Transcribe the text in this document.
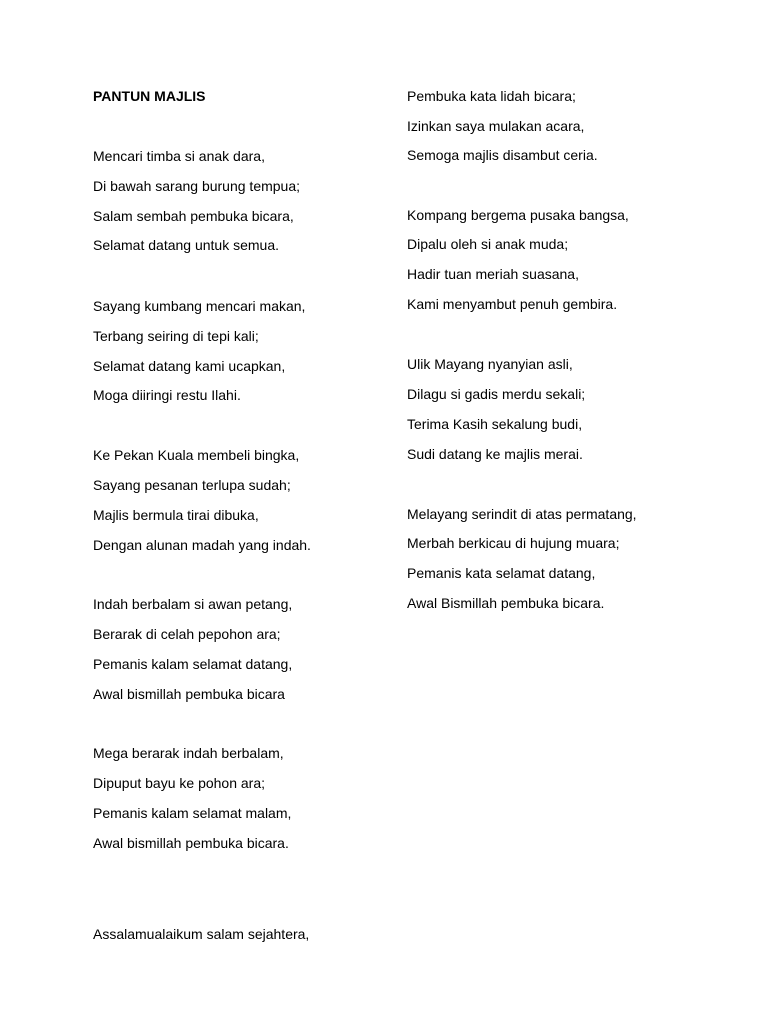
PANTUN MAJLIS
Mencari timba si anak dara,
Di bawah sarang burung tempua;
Salam sembah pembuka bicara,
Selamat datang untuk semua.
Sayang kumbang mencari makan,
Terbang seiring di tepi kali;
Selamat datang kami ucapkan,
Moga diiringi restu Ilahi.
Ke Pekan Kuala membeli bingka,
Sayang pesanan terlupa sudah;
Majlis bermula tirai dibuka,
Dengan alunan madah yang indah.
Indah berbalam si awan petang,
Berarak di celah pepohon ara;
Pemanis kalam selamat datang,
Awal bismillah pembuka bicara
Mega berarak indah berbalam,
Dipuput bayu ke pohon ara;
Pemanis kalam selamat malam,
Awal bismillah pembuka bicara.
Assalamualaikum salam sejahtera,
Pembuka kata lidah bicara;
Izinkan saya mulakan acara,
Semoga majlis disambut ceria.
Kompang bergema pusaka bangsa,
Dipalu oleh si anak muda;
Hadir tuan meriah suasana,
Kami menyambut penuh gembira.
Ulik Mayang nyanyian asli,
Dilagu si gadis merdu sekali;
Terima Kasih sekalung budi,
Sudi datang ke majlis merai.
Melayang serindit di atas permatang,
Merbah berkicau di hujung muara;
Pemanis kata selamat datang,
Awal Bismillah pembuka bicara.
